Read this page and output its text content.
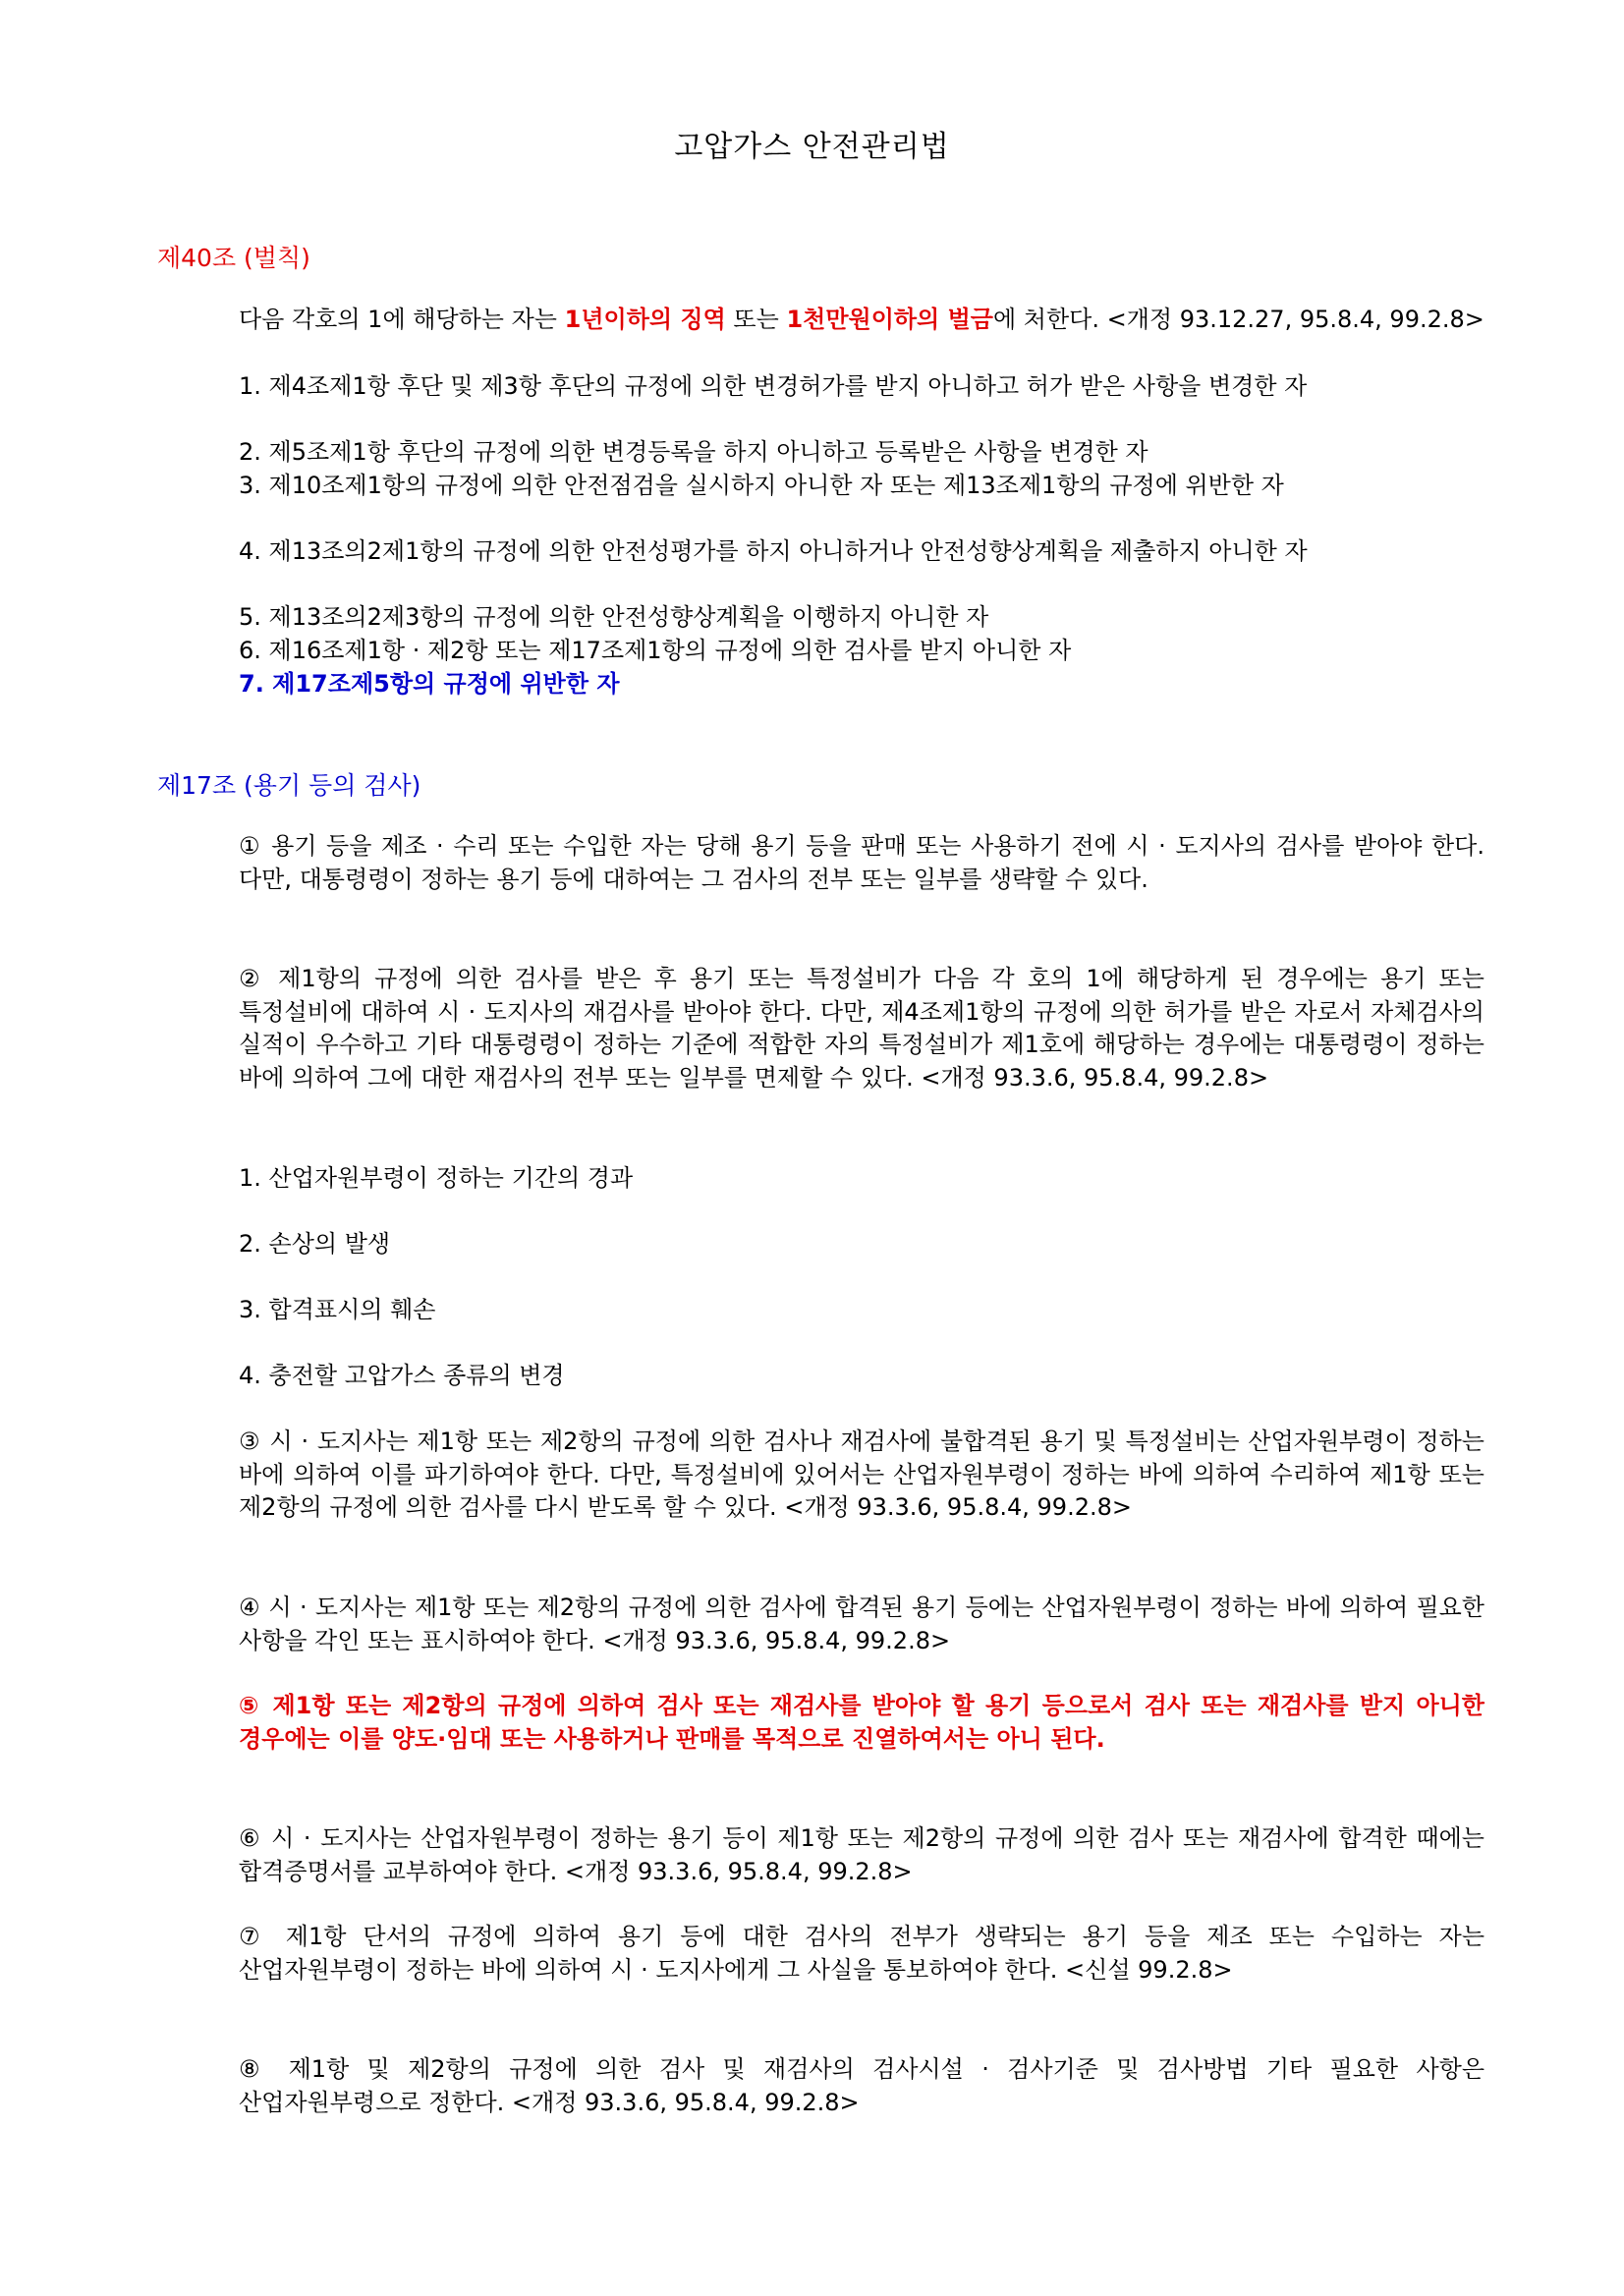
고압가스 안전관리법
제40조 (벌칙)
다음 각호의 1에 해당하는 자는 1년이하의 징역 또는 1천만원이하의 벌금에 처한다. <개정 93.12.27, 95.8.4, 99.2.8>
1. 제4조제1항 후단 및 제3항 후단의 규정에 의한 변경허가를 받지 아니하고 허가 받은 사항을 변경한 자
2. 제5조제1항 후단의 규정에 의한 변경등록을 하지 아니하고 등록받은 사항을 변경한 자
3. 제10조제1항의 규정에 의한 안전점검을 실시하지 아니한 자 또는 제13조제1항의 규정에 위반한 자
4. 제13조의2제1항의 규정에 의한 안전성평가를 하지 아니하거나 안전성향상계획을 제출하지 아니한 자
5. 제13조의2제3항의 규정에 의한 안전성향상계획을 이행하지 아니한 자
6. 제16조제1항 · 제2항 또는 제17조제1항의 규정에 의한 검사를 받지 아니한 자
7. 제17조제5항의 규정에 위반한 자
제17조 (용기 등의 검사)
① 용기 등을 제조 · 수리 또는 수입한 자는 당해 용기 등을 판매 또는 사용하기 전에 시 · 도지사의 검사를 받아야 한다. 다만, 대통령령이 정하는 용기 등에 대하여는 그 검사의 전부 또는 일부를 생략할 수 있다.
② 제1항의 규정에 의한 검사를 받은 후 용기 또는 특정설비가 다음 각 호의 1에 해당하게 된 경우에는 용기 또는 특정설비에 대하여 시 · 도지사의 재검사를 받아야 한다. 다만, 제4조제1항의 규정에 의한 허가를 받은 자로서 자체검사의 실적이 우수하고 기타 대통령령이 정하는 기준에 적합한 자의 특정설비가 제1호에 해당하는 경우에는 대통령령이 정하는 바에 의하여 그에 대한 재검사의 전부 또는 일부를 면제할 수 있다. <개정 93.3.6, 95.8.4, 99.2.8>
1. 산업자원부령이 정하는 기간의 경과
2. 손상의 발생
3. 합격표시의 훼손
4. 충전할 고압가스 종류의 변경
③ 시 · 도지사는 제1항 또는 제2항의 규정에 의한 검사나 재검사에 불합격된 용기 및 특정설비는 산업자원부령이 정하는 바에 의하여 이를 파기하여야 한다. 다만, 특정설비에 있어서는 산업자원부령이 정하는 바에 의하여 수리하여 제1항 또는 제2항의 규정에 의한 검사를 다시 받도록 할 수 있다. <개정 93.3.6, 95.8.4, 99.2.8>
④ 시 · 도지사는 제1항 또는 제2항의 규정에 의한 검사에 합격된 용기 등에는 산업자원부령이 정하는 바에 의하여 필요한 사항을 각인 또는 표시하여야 한다. <개정 93.3.6, 95.8.4, 99.2.8>
⑤ 제1항 또는 제2항의 규정에 의하여 검사 또는 재검사를 받아야 할 용기 등으로서 검사 또는 재검사를 받지 아니한 경우에는 이를 양도·임대 또는 사용하거나 판매를 목적으로 진열하여서는 아니 된다.
⑥ 시 · 도지사는 산업자원부령이 정하는 용기 등이 제1항 또는 제2항의 규정에 의한 검사 또는 재검사에 합격한 때에는 합격증명서를 교부하여야 한다. <개정 93.3.6, 95.8.4, 99.2.8>
⑦ 제1항 단서의 규정에 의하여 용기 등에 대한 검사의 전부가 생략되는 용기 등을 제조 또는 수입하는 자는 산업자원부령이 정하는 바에 의하여 시 · 도지사에게 그 사실을 통보하여야 한다. <신설 99.2.8>
⑧ 제1항 및 제2항의 규정에 의한 검사 및 재검사의 검사시설 · 검사기준 및 검사방법 기타 필요한 사항은 산업자원부령으로 정한다. <개정 93.3.6, 95.8.4, 99.2.8>
